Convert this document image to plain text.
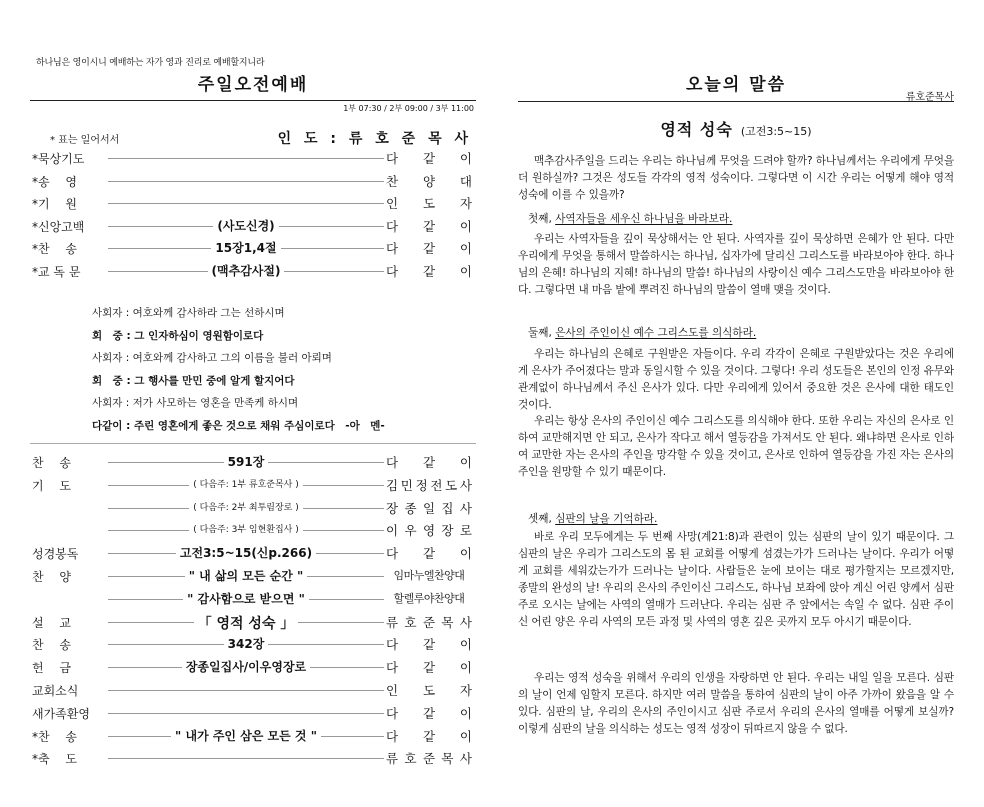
하나님은 영이시니 예배하는 자가 영과 진리로 예배할지니라
주일오전예배
1부 07:30 / 2부 09:00 / 3부 11:00
* 표는 일어서서	인 도 : 류 호 준 목 사
*묵상기도	다 같 이
*송　 영	찬 양 대
*기　 원	인 도 자
*신앙고백	(사도신경)	다 같 이
*찬　 송	15장1,4절	다 같 이
*교 독 문	(맥추감사절)	다 같 이
사회자 : 여호와께 감사하라 그는 선하시며
회　중 : 그 인자하심이 영원함이로다
사회자 : 여호와께 감사하고 그의 이름을 불러 아뢰며
회　중 : 그 행사를 만민 중에 알게 할지어다
사회자 : 저가 사모하는 영혼을 만족케 하시며
다같이 : 주린 영혼에게 좋은 것으로 채워 주심이로다　-아　멘-
찬　 송	591장	다 같 이
기　 도	( 다음주: 1부 류호준목사 )	김 민 정 전 도 사
( 다음주: 2부 최투림장로 )	장 종 일 집 사
( 다음주: 3부 임현환집사 )	이 우 영 장 로
성경봉독	고전3:5~15(신p.266)	다 같 이
찬　 양	" 내 삶의 모든 순간 "	임마누엘찬양대
" 감사함으로 받으면 "	할렐루야찬양대
설　 교	「 영적 성숙 」	류 호 준 목 사
찬　 송	342장	다 같 이
헌　 금	장종일집사/이우영장로	다 같 이
교회소식	인 도 자
새가족환영	다 같 이
*찬　 송	" 내가 주인 삼은 모든 것 "	다 같 이
*축　 도	류 호 준 목 사
오늘의 말씀
류호준목사
영적 성숙 (고전3:5~15)
맥추감사주일을 드리는 우리는 하나님께 무엇을 드려야 할까? 하나님께서는 우리에게 무엇을 더 원하실까? 그것은 성도들 각각의 영적 성숙이다. 그렇다면 이 시간 우리는 어떻게 해야 영적 성숙에 이를 수 있을까?
첫째, 사역자들을 세우신 하나님을 바라보라.
우리는 사역자들을 깊이 묵상해서는 안 된다. 사역자를 깊이 묵상하면 은혜가 안 된다. 다만 우리에게 무엇을 통해서 말씀하시는 하나님, 십자가에 달리신 그리스도를 바라보아야 한다. 하나님의 은혜! 하나님의 지혜! 하나님의 말씀! 하나님의 사랑이신 예수 그리스도만을 바라보아야 한다. 그렇다면 내 마음 밭에 뿌려진 하나님의 말씀이 열매 맺을 것이다.
둘째, 은사의 주인이신 예수 그리스도를 의식하라.
우리는 하나님의 은혜로 구원받은 자들이다. 우리 각각이 은혜로 구원받았다는 것은 우리에게 은사가 주어졌다는 말과 동일시할 수 있을 것이다. 그렇다! 우리 성도들은 본인의 인정 유무와 관계없이 하나님께서 주신 은사가 있다. 다만 우리에게 있어서 중요한 것은 은사에 대한 태도인 것이다.
우리는 항상 은사의 주인이신 예수 그리스도를 의식해야 한다. 또한 우리는 자신의 은사로 인하여 교만해지면 안 되고, 은사가 작다고 해서 열등감을 가져서도 안 된다. 왜냐하면 은사로 인하여 교만한 자는 은사의 주인을 망각할 수 있을 것이고, 은사로 인하여 열등감을 가진 자는 은사의 주인을 원망할 수 있기 때문이다.
셋째, 심판의 날을 기억하라.
바로 우리 모두에게는 두 번째 사망(계21:8)과 관련이 있는 심판의 날이 있기 때문이다. 그 심판의 날은 우리가 그리스도의 몸 된 교회를 어떻게 섬겼는가가 드러나는 날이다. 우리가 어떻게 교회를 세워갔는가가 드러나는 날이다. 사람들은 눈에 보이는 대로 평가할지는 모르겠지만, 종말의 완성의 날! 우리의 은사의 주인이신 그리스도, 하나님 보좌에 앉아 계신 어린 양께서 심판 주로 오시는 날에는 사역의 열매가 드러난다. 우리는 심판 주 앞에서는 속일 수 없다. 심판 주이신 어린 양은 우리 사역의 모든 과정 및 사역의 영혼 깊은 곳까지 모두 아시기 때문이다.
우리는 영적 성숙을 위해서 우리의 인생을 자랑하면 안 된다. 우리는 내일 일을 모른다. 심판의 날이 언제 임할지 모른다. 하지만 여러 말씀을 통하여 심판의 날이 아주 가까이 왔음을 알 수 있다. 심판의 날, 우리의 은사의 주인이시고 심판 주로서 우리의 은사의 열매를 어떻게 보실까? 이렇게 심판의 날을 의식하는 성도는 영적 성장이 뒤따르지 않을 수 없다.
